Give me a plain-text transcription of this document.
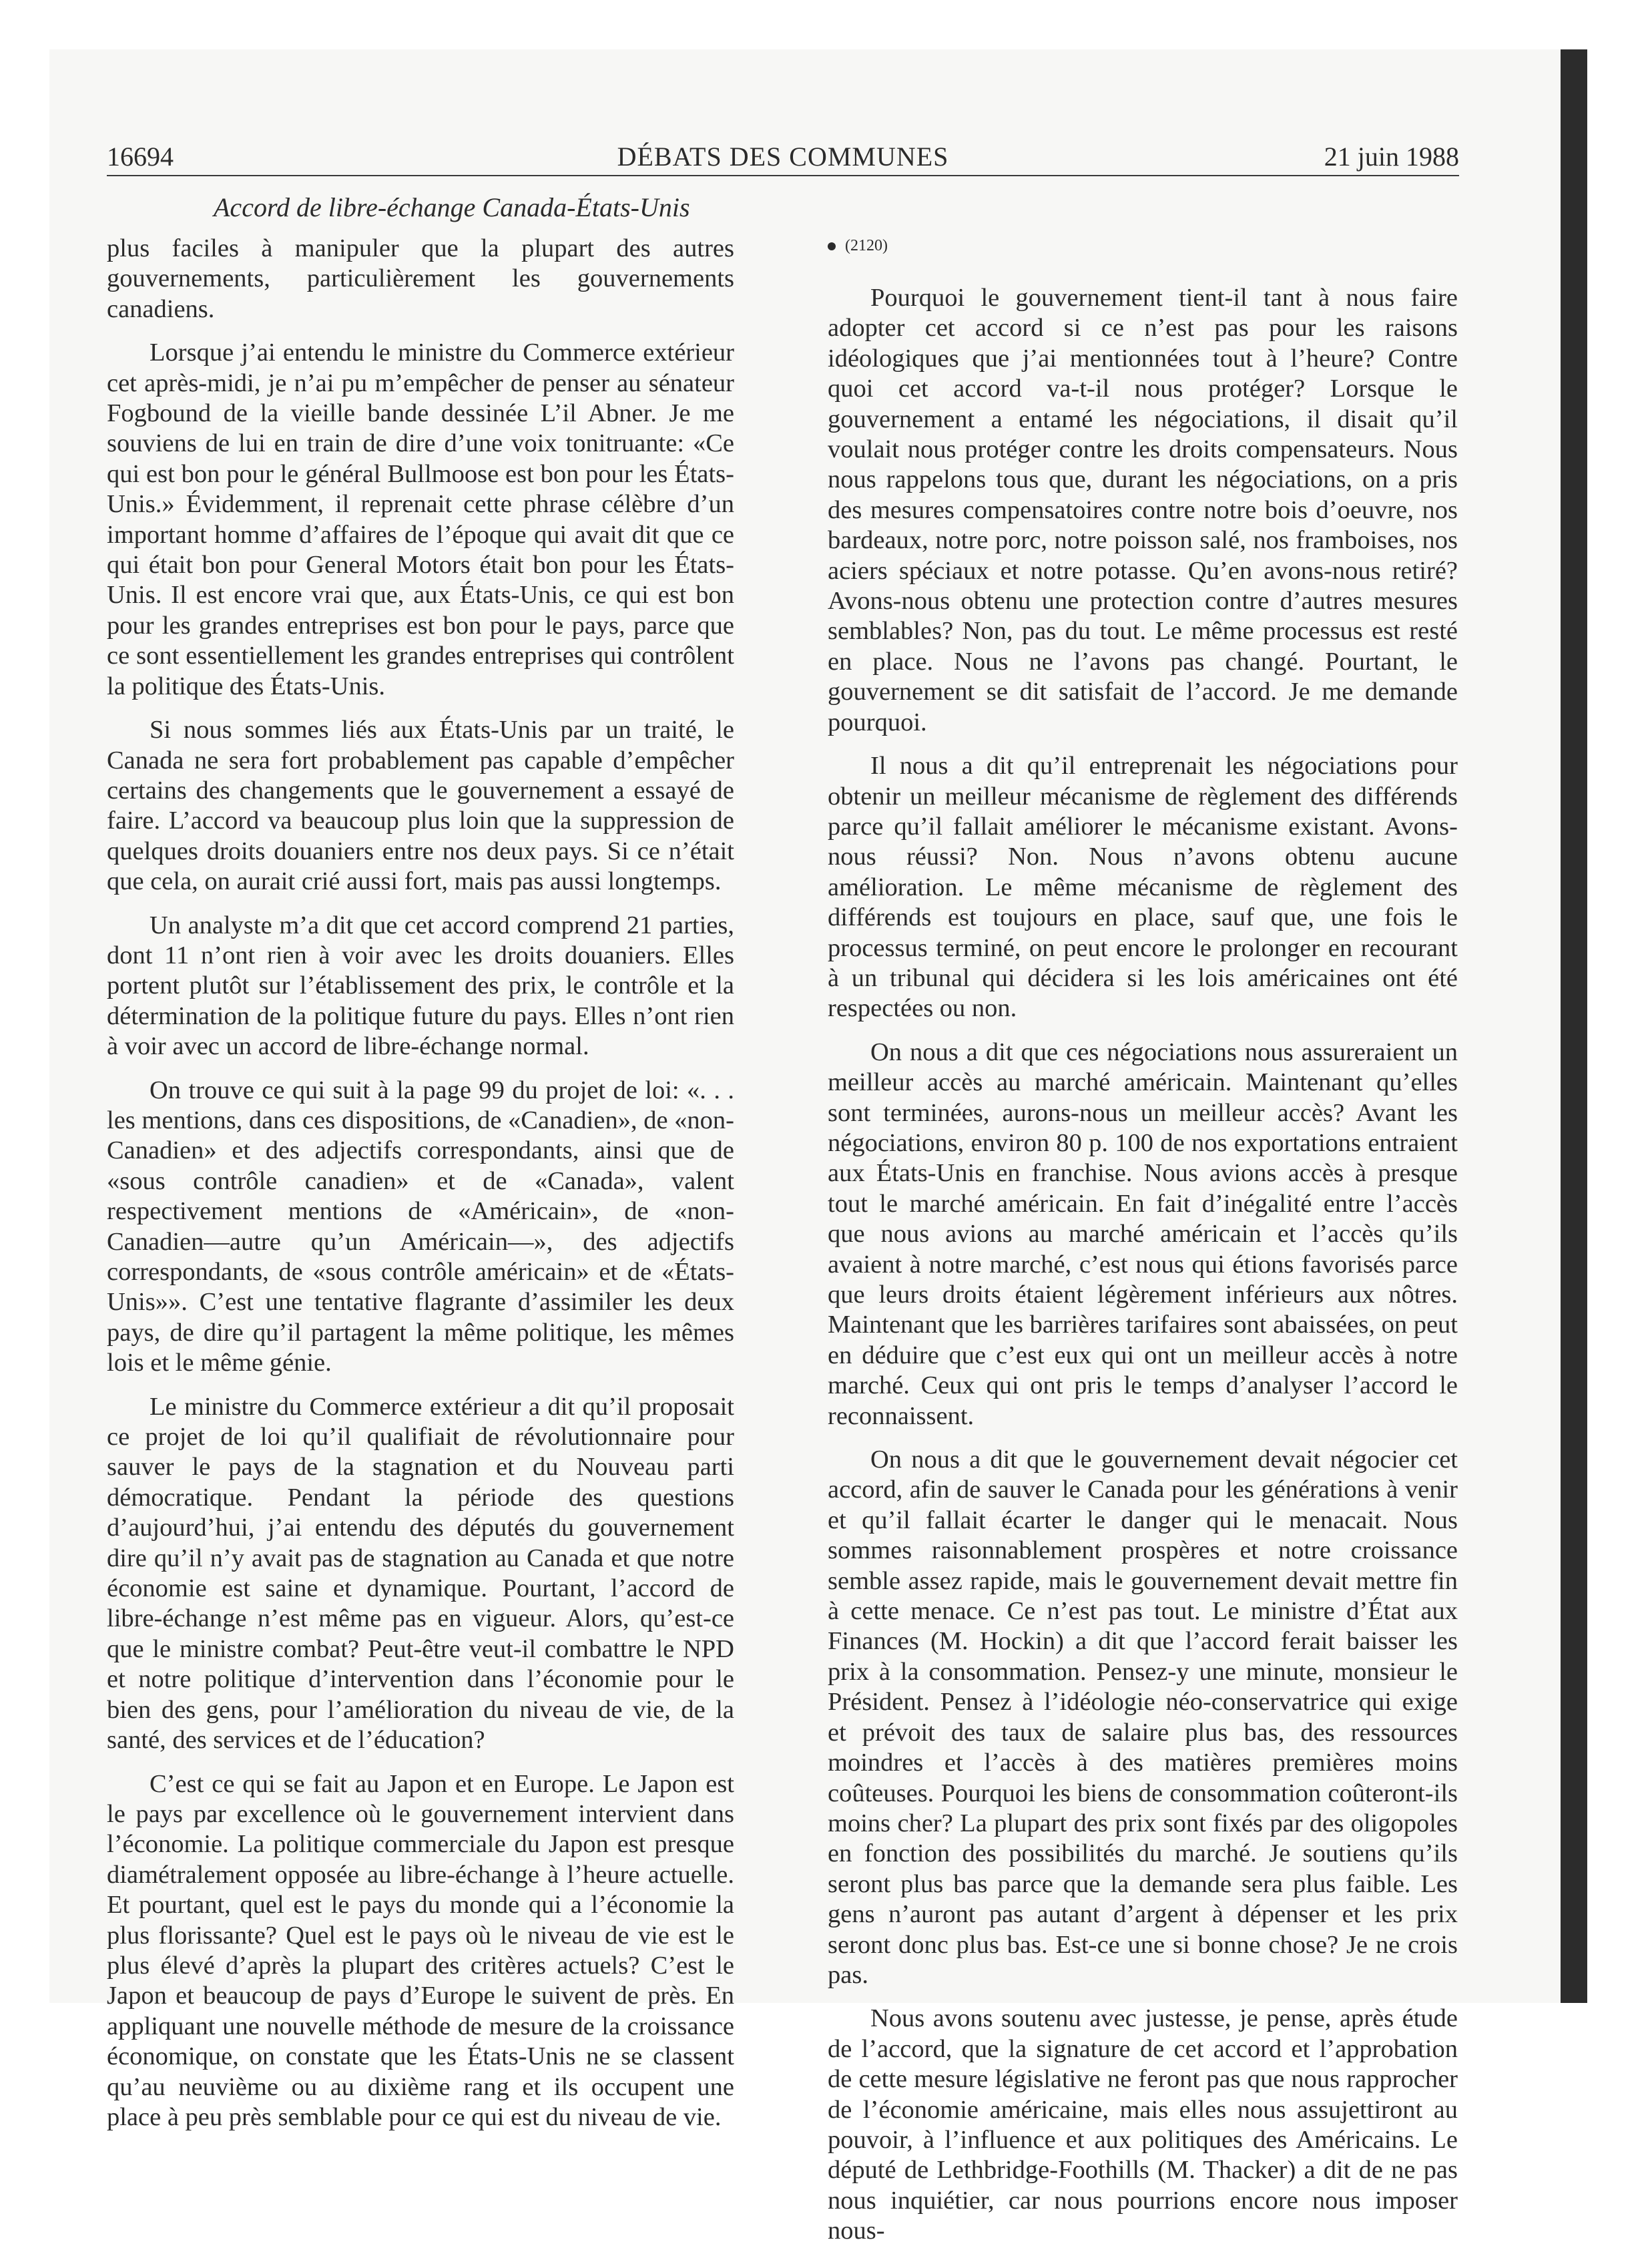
16694	DÉBATS DES COMMUNES	21 juin 1988
Accord de libre-échange Canada-États-Unis

plus faciles à manipuler que la plupart des autres gouvernements, particulièrement les gouvernements canadiens.

Lorsque j’ai entendu le ministre du Commerce extérieur cet après-midi, je n’ai pu m’empêcher de penser au sénateur Fogbound de la vieille bande dessinée L’il Abner. Je me souviens de lui en train de dire d’une voix tonitruante: «Ce qui est bon pour le général Bullmoose est bon pour les États-Unis.» Évidemment, il reprenait cette phrase célèbre d’un important homme d’affaires de l’époque qui avait dit que ce qui était bon pour General Motors était bon pour les États-Unis. Il est encore vrai que, aux États-Unis, ce qui est bon pour les grandes entreprises est bon pour le pays, parce que ce sont essentiellement les grandes entreprises qui contrôlent la politique des États-Unis.

Si nous sommes liés aux États-Unis par un traité, le Canada ne sera fort probablement pas capable d’empêcher certains des changements que le gouvernement a essayé de faire. L’accord va beaucoup plus loin que la suppression de quelques droits douaniers entre nos deux pays. Si ce n’était que cela, on aurait crié aussi fort, mais pas aussi longtemps.

Un analyste m’a dit que cet accord comprend 21 parties, dont 11 n’ont rien à voir avec les droits douaniers. Elles portent plutôt sur l’établissement des prix, le contrôle et la détermination de la politique future du pays. Elles n’ont rien à voir avec un accord de libre-échange normal.

On trouve ce qui suit à la page 99 du projet de loi: «. . . les mentions, dans ces dispositions, de «Canadien», de «non-Canadien» et des adjectifs correspondants, ainsi que de «sous contrôle canadien» et de «Canada», valent respectivement mentions de «Américain», de «non-Canadien—autre qu’un Américain—», des adjectifs correspondants, de «sous contrôle américain» et de «États-Unis»». C’est une tentative flagrante d’assimiler les deux pays, de dire qu’il partagent la même politique, les mêmes lois et le même génie.

Le ministre du Commerce extérieur a dit qu’il proposait ce projet de loi qu’il qualifiait de révolutionnaire pour sauver le pays de la stagnation et du Nouveau parti démocratique. Pendant la période des questions d’aujourd’hui, j’ai entendu des députés du gouvernement dire qu’il n’y avait pas de stagnation au Canada et que notre économie est saine et dynamique. Pourtant, l’accord de libre-échange n’est même pas en vigueur. Alors, qu’est-ce que le ministre combat? Peut-être veut-il combattre le NPD et notre politique d’intervention dans l’économie pour le bien des gens, pour l’amélioration du niveau de vie, de la santé, des services et de l’éducation?

C’est ce qui se fait au Japon et en Europe. Le Japon est le pays par excellence où le gouvernement intervient dans l’économie. La politique commerciale du Japon est presque diamétralement opposée au libre-échange à l’heure actuelle. Et pourtant, quel est le pays du monde qui a l’économie la plus florissante? Quel est le pays où le niveau de vie est le plus élevé d’après la plupart des critères actuels? C’est le Japon et beaucoup de pays d’Europe le suivent de près. En appliquant une nouvelle méthode de mesure de la croissance économique, on constate que les États-Unis ne se classent qu’au neuvième ou au dixième rang et ils occupent une place à peu près semblable pour ce qui est du niveau de vie.

(2120)

Pourquoi le gouvernement tient-il tant à nous faire adopter cet accord si ce n’est pas pour les raisons idéologiques que j’ai mentionnées tout à l’heure? Contre quoi cet accord va-t-il nous protéger? Lorsque le gouvernement a entamé les négociations, il disait qu’il voulait nous protéger contre les droits compensateurs. Nous nous rappelons tous que, durant les négociations, on a pris des mesures compensatoires contre notre bois d’oeuvre, nos bardeaux, notre porc, notre poisson salé, nos framboises, nos aciers spéciaux et notre potasse. Qu’en avons-nous retiré? Avons-nous obtenu une protection contre d’autres mesures semblables? Non, pas du tout. Le même processus est resté en place. Nous ne l’avons pas changé. Pourtant, le gouvernement se dit satisfait de l’accord. Je me demande pourquoi.

Il nous a dit qu’il entreprenait les négociations pour obtenir un meilleur mécanisme de règlement des différends parce qu’il fallait améliorer le mécanisme existant. Avons-nous réussi? Non. Nous n’avons obtenu aucune amélioration. Le même mécanisme de règlement des différends est toujours en place, sauf que, une fois le processus terminé, on peut encore le prolonger en recourant à un tribunal qui décidera si les lois américaines ont été respectées ou non.

On nous a dit que ces négociations nous assureraient un meilleur accès au marché américain. Maintenant qu’elles sont terminées, aurons-nous un meilleur accès? Avant les négociations, environ 80 p. 100 de nos exportations entraient aux États-Unis en franchise. Nous avions accès à presque tout le marché américain. En fait d’inégalité entre l’accès que nous avions au marché américain et l’accès qu’ils avaient à notre marché, c’est nous qui étions favorisés parce que leurs droits étaient légèrement inférieurs aux nôtres. Maintenant que les barrières tarifaires sont abaissées, on peut en déduire que c’est eux qui ont un meilleur accès à notre marché. Ceux qui ont pris le temps d’analyser l’accord le reconnaissent.

On nous a dit que le gouvernement devait négocier cet accord, afin de sauver le Canada pour les générations à venir et qu’il fallait écarter le danger qui le menacait. Nous sommes raisonnablement prospères et notre croissance semble assez rapide, mais le gouvernement devait mettre fin à cette menace. Ce n’est pas tout. Le ministre d’État aux Finances (M. Hockin) a dit que l’accord ferait baisser les prix à la consommation. Pensez-y une minute, monsieur le Président. Pensez à l’idéologie néo-conservatrice qui exige et prévoit des taux de salaire plus bas, des ressources moindres et l’accès à des matières premières moins coûteuses. Pourquoi les biens de consommation coûteront-ils moins cher? La plupart des prix sont fixés par des oligopoles en fonction des possibilités du marché. Je soutiens qu’ils seront plus bas parce que la demande sera plus faible. Les gens n’auront pas autant d’argent à dépenser et les prix seront donc plus bas. Est-ce une si bonne chose? Je ne crois pas.

Nous avons soutenu avec justesse, je pense, après étude de l’accord, que la signature de cet accord et l’approbation de cette mesure législative ne feront pas que nous rapprocher de l’économie américaine, mais elles nous assujettiront au pouvoir, à l’influence et aux politiques des Américains. Le député de Lethbridge-Foothills (M. Thacker) a dit de ne pas nous inquiétier, car nous pourrions encore nous imposer nous-
